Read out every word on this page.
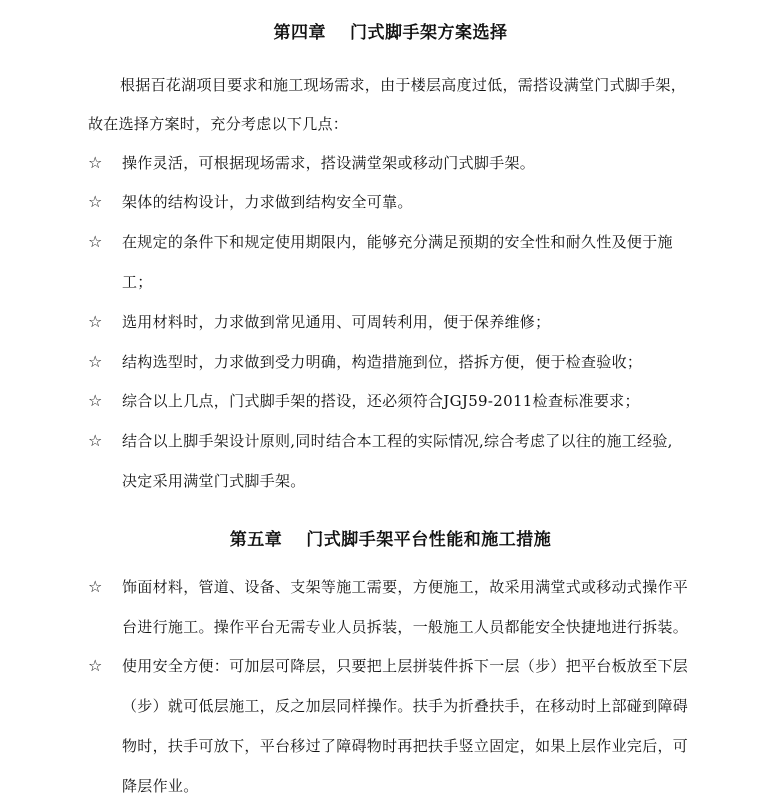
第四章　 门式脚手架方案选择
根据百花湖项目要求和施工现场需求，由于楼层高度过低，需搭设满堂门式脚手架，
故在选择方案时，充分考虑以下几点：
☆	操作灵活，可根据现场需求，搭设满堂架或移动门式脚手架。
☆	架体的结构设计，力求做到结构安全可靠。
☆	在规定的条件下和规定使用期限内，能够充分满足预期的安全性和耐久性及便于施
工；
☆	选用材料时，力求做到常见通用、可周转利用，便于保养维修；
☆	结构选型时，力求做到受力明确，构造措施到位，搭拆方便，便于检查验收；
☆	综合以上几点，门式脚手架的搭设，还必须符合JGJ59-2011检查标准要求；
☆	结合以上脚手架设计原则,同时结合本工程的实际情况,综合考虑了以往的施工经验,
决定采用满堂门式脚手架。
第五章　 门式脚手架平台性能和施工措施
☆	饰面材料，管道、设备、支架等施工需要，方便施工，故采用满堂式或移动式操作平
台进行施工。操作平台无需专业人员拆装，一般施工人员都能安全快捷地进行拆装。
☆	使用安全方便：可加层可降层，只要把上层拼装件拆下一层（步）把平台板放至下层
（步）就可低层施工，反之加层同样操作。扶手为折叠扶手，在移动时上部碰到障碍
物时，扶手可放下，平台移过了障碍物时再把扶手竖立固定，如果上层作业完后，可
降层作业。
